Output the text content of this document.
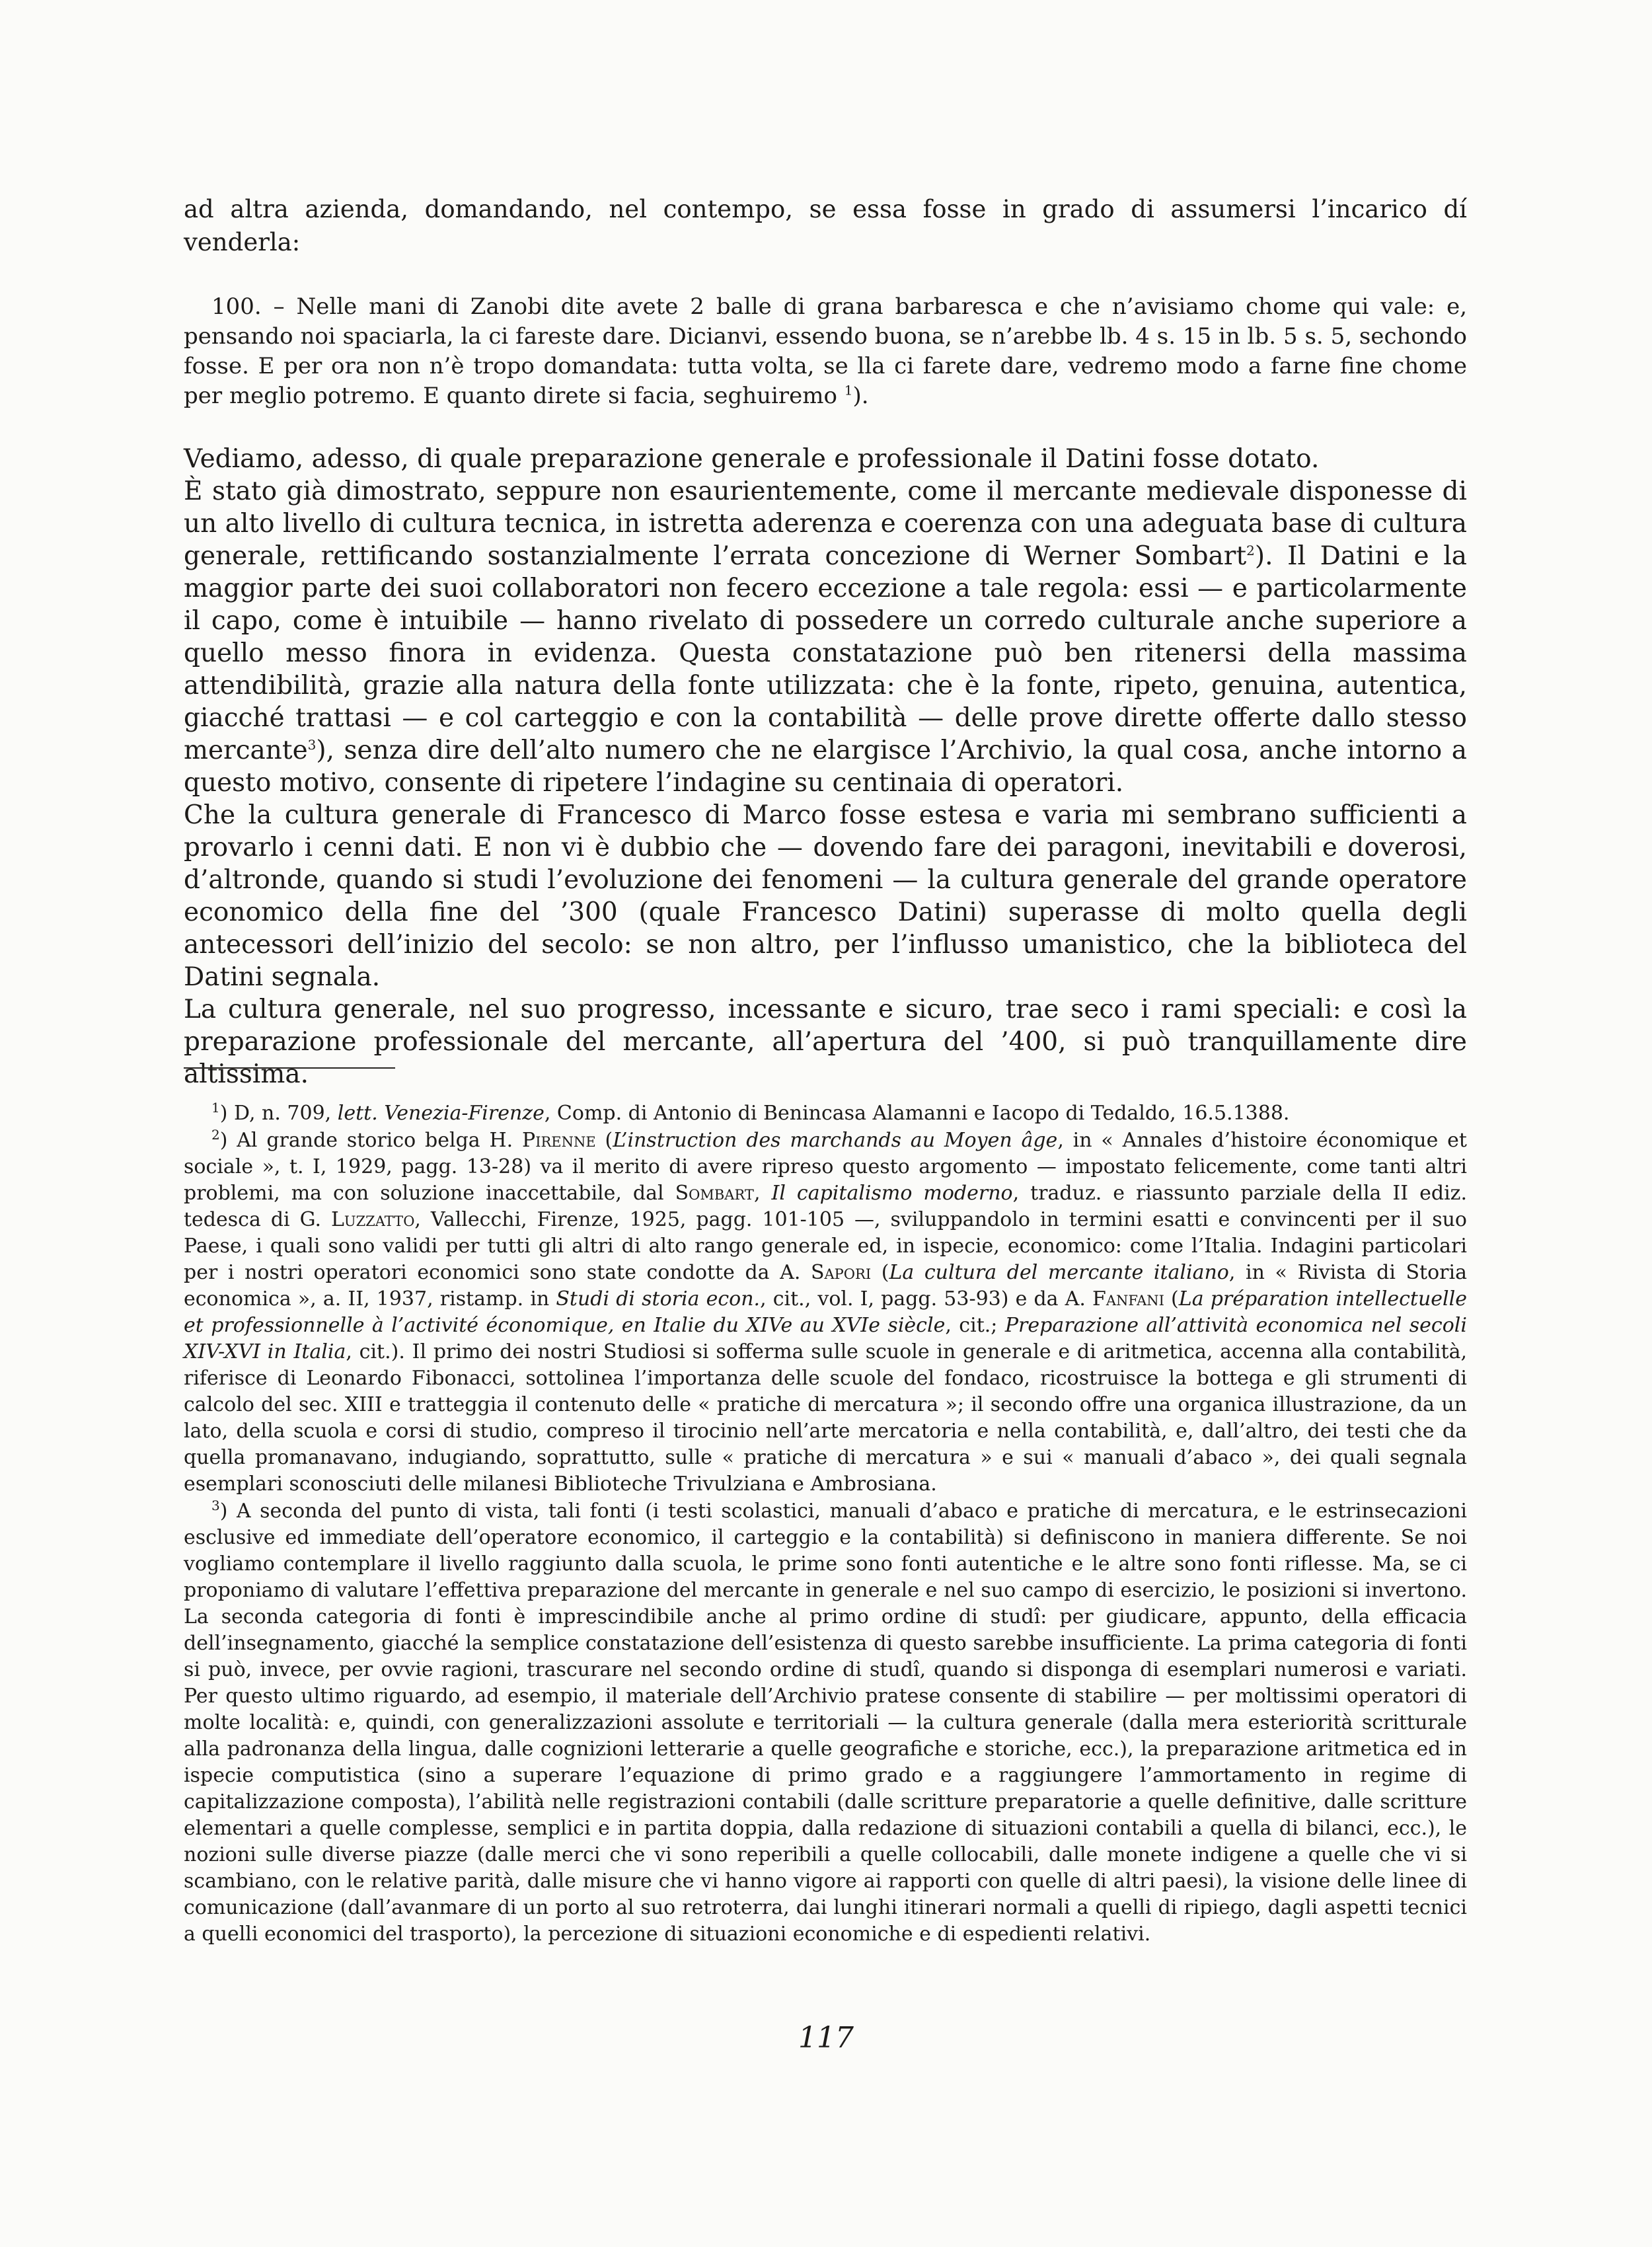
ad altra azienda, domandando, nel contempo, se essa fosse in grado di assumersi l’incarico dí venderla:
100. – Nelle mani di Zanobi dite avete 2 balle di grana barbaresca e che n’avisiamo chome qui vale: e, pensando noi spaciarla, la ci fareste dare. Dicianvi, essendo buona, se n’arebbe lb. 4 s. 15 in lb. 5 s. 5, sechondo fosse. E per ora non n’è tropo domandata: tutta volta, se lla ci farete dare, vedremo modo a farne fine chome per meglio potremo. E quanto direte si facia, seghuiremo $^1$).

Vediamo, adesso, di quale preparazione generale e professionale il Datini fosse dotato.

È stato già dimostrato, seppure non esaurientemente, come il mercante medievale disponesse di un alto livello di cultura tecnica, in istretta aderenza e coerenza con una adeguata base di cultura generale, rettificando sostanzialmente l’errata concezione di Werner Sombart$^2$). Il Datini e la maggior parte dei suoi collaboratori non fecero eccezione a tale regola: essi — e particolarmente il capo, come è intuibile — hanno rivelato di possedere un corredo culturale anche superiore a quello messo finora in evidenza. Questa constatazione può ben ritenersi della massima attendibilità, grazie alla natura della fonte utilizzata: che è la fonte, ripeto, genuina, autentica, giacché trattasi — e col carteggio e con la contabilità — delle prove dirette offerte dallo stesso mercante$^3$), senza dire dell’alto numero che ne elargisce l’Archivio, la qual cosa, anche intorno a questo motivo, consente di ripetere l’indagine su centinaia di operatori.

Che la cultura generale di Francesco di Marco fosse estesa e varia mi sembrano sufficienti a provarlo i cenni dati. E non vi è dubbio che — dovendo fare dei paragoni, inevitabili e doverosi, d’altronde, quando si studi l’evoluzione dei fenomeni — la cultura generale del grande operatore economico della fine del ’300 (quale Francesco Datini) superasse di molto quella degli antecessori dell’inizio del secolo: se non altro, per l’influsso umanistico, che la biblioteca del Datini segnala.

La cultura generale, nel suo progresso, incessante e sicuro, trae seco i rami speciali: e così la preparazione professionale del mercante, all’apertura del ’400, si può tranquillamente dire altissima.

$^1$) D, n. 709, lett. Venezia-Firenze, Comp. di Antonio di Benincasa Alamanni e Iacopo di Tedaldo, 16.5.1388.

$^2$) Al grande storico belga H. Pirenne (L’instruction des marchands au Moyen âge, in « Annales d’histoire économique et sociale », t. I, 1929, pagg. 13-28) va il merito di avere ripreso questo argomento — impostato felicemente, come tanti altri problemi, ma con soluzione inaccettabile, dal Sombart, Il capitalismo moderno, traduz. e riassunto parziale della II ediz. tedesca di G. Luzzatto, Vallecchi, Firenze, 1925, pagg. 101-105 —, sviluppandolo in termini esatti e convincenti per il suo Paese, i quali sono validi per tutti gli altri di alto rango generale ed, in ispecie, economico: come l’Italia. Indagini particolari per i nostri operatori economici sono state condotte da A. Sapori (La cultura del mercante italiano, in « Rivista di Storia economica », a. II, 1937, ristamp. in Studi di storia econ., cit., vol. I, pagg. 53-93) e da A. Fanfani (La préparation intellectuelle et professionnelle à l’activité économique, en Italie du XIVe au XVIe siècle, cit.; Preparazione all’attività economica nel secoli XIV-XVI in Italia, cit.). Il primo dei nostri Studiosi si sofferma sulle scuole in generale e di aritmetica, accenna alla contabilità, riferisce di Leonardo Fibonacci, sottolinea l’importanza delle scuole del fondaco, ricostruisce la bottega e gli strumenti di calcolo del sec. XIII e tratteggia il contenuto delle « pratiche di mercatura »; il secondo offre una organica illustrazione, da un lato, della scuola e corsi di studio, compreso il tirocinio nell’arte mercatoria e nella contabilità, e, dall’altro, dei testi che da quella promanavano, indugiando, soprattutto, sulle « pratiche di mercatura » e sui « manuali d’abaco », dei quali segnala esemplari sconosciuti delle milanesi Biblioteche Trivulziana e Ambrosiana.

$^3$) A seconda del punto di vista, tali fonti (i testi scolastici, manuali d’abaco e pratiche di mercatura, e le estrinsecazioni esclusive ed immediate dell’operatore economico, il carteggio e la contabilità) si definiscono in maniera differente. Se noi vogliamo contemplare il livello raggiunto dalla scuola, le prime sono fonti autentiche e le altre sono fonti riflesse. Ma, se ci proponiamo di valutare l’effettiva preparazione del mercante in generale e nel suo campo di esercizio, le posizioni si invertono. La seconda categoria di fonti è imprescindibile anche al primo ordine di studî: per giudicare, appunto, della efficacia dell’insegnamento, giacché la semplice constatazione dell’esistenza di questo sarebbe insufficiente. La prima categoria di fonti si può, invece, per ovvie ragioni, trascurare nel secondo ordine di studî, quando si disponga di esemplari numerosi e variati. Per questo ultimo riguardo, ad esempio, il materiale dell’Archivio pratese consente di stabilire — per moltissimi operatori di molte località: e, quindi, con generalizzazioni assolute e territoriali — la cultura generale (dalla mera esteriorità scritturale alla padronanza della lingua, dalle cognizioni letterarie a quelle geografiche e storiche, ecc.), la preparazione aritmetica ed in ispecie computistica (sino a superare l’equazione di primo grado e a raggiungere l’ammortamento in regime di capitalizzazione composta), l’abilità nelle registrazioni contabili (dalle scritture preparatorie a quelle definitive, dalle scritture elementari a quelle complesse, semplici e in partita doppia, dalla redazione di situazioni contabili a quella di bilanci, ecc.), le nozioni sulle diverse piazze (dalle merci che vi sono reperibili a quelle collocabili, dalle monete indigene a quelle che vi si scambiano, con le relative parità, dalle misure che vi hanno vigore ai rapporti con quelle di altri paesi), la visione delle linee di comunicazione (dall’avanmare di un porto al suo retroterra, dai lunghi itinerari normali a quelli di ripiego, dagli aspetti tecnici a quelli economici del trasporto), la percezione di situazioni economiche e di espedienti relativi.

117
